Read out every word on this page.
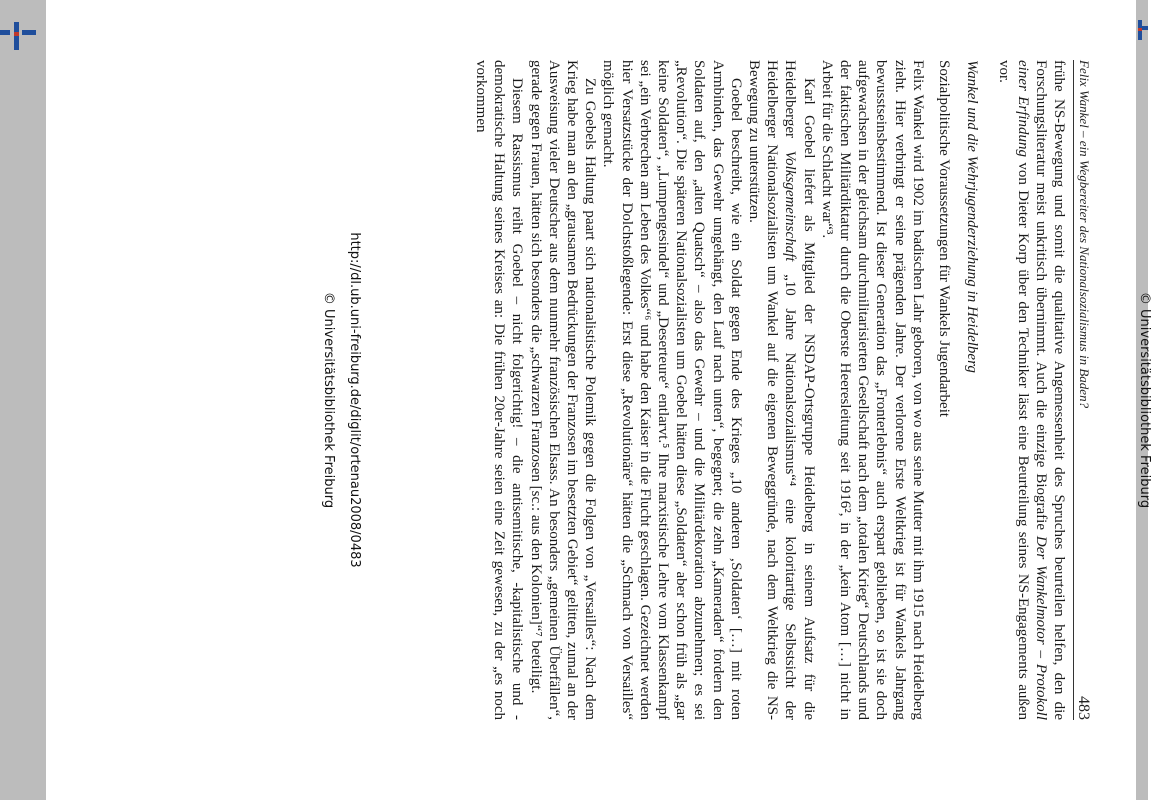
© Universitätsbibliothek Freiburg
Felix Wankel – ein Wegbereiter des Nationalsozialismus in Baden?
483

frühe NS-Bewegung und somit die qualitative Angemessenheit des Spruches beurteilen helfen, den die Forschungsliteratur meist unkritisch übernimmt. Auch die einzige Biografie Der Wankelmotor – Protokoll einer Erfindung von Dieter Korp über den Techniker lässt eine Beurteilung seines NS-Engagements außen vor.

Wankel und die Wehrjugenderziehung in Heidelberg
Sozialpolitische Voraussetzungen für Wankels Jugendarbeit

Felix Wankel wird 1902 im badischen Lahr geboren, von wo aus seine Mutter mit ihm 1915 nach Heidelberg zieht. Hier verbringt er seine prägenden Jahre. Der verlorene Erste Weltkrieg ist für Wankels Jahrgang bewusstseinsbestimmend. Ist dieser Generation das „Fronterlebnis“ auch erspart geblieben, so ist sie doch aufgewachsen in der gleichsam durchmilitarisierten Gesellschaft nach dem „totalen Krieg“ Deutschlands und der faktischen Militärdiktatur durch die Oberste Heeresleitung seit 1916², in der „kein Atom […] nicht in Arbeit für die Schlacht war“³.

Karl Goebel liefert als Mitglied der NSDAP-Ortsgruppe Heidelberg in seinem Aufsatz für die Heidelberger Volksgemeinschaft „10 Jahre Nationalsozialismus“⁴ eine koloritartige Selbstsicht der Heidelberger Nationalsozialisten um Wankel auf die eigenen Beweggründe, nach dem Weltkrieg die NS-Bewegung zu unterstützen.

Goebel beschreibt, wie ein Soldat gegen Ende des Krieges „10 anderen ‚Soldaten‘ […] mit roten Armbinden, das Gewehr umgehängt, den Lauf nach unten“, begegnet; die zehn „Kameraden“ fordern den Soldaten auf, den „alten Quatsch“ – also das Gewehr – und die Militärdekoration abzunehmen; es sei „Revolution“. Die späteren Nationalsozialisten um Goebel hätten diese „Soldaten“ aber schon früh als „gar keine Soldaten“, „Lumpengesindel“ und „Deserteure“ entlarvt.⁵ Ihre marxistische Lehre vom Klassenkampf sei „ein Verbrechen am Leben des Volkes“⁶ und habe den Kaiser in die Flucht geschlagen. Gezeichnet werden hier Versatzstücke der Dolchstoßlegende: Erst diese „Revolutionäre“ hätten die „Schmach von Versailles“ möglich gemacht.

Zu Goebels Haltung paart sich nationalistische Polemik gegen die Folgen von „Versailles“: Nach dem Krieg habe man an den „grausamen Bedrückungen der Franzosen im besetzten Gebiet“ gelitten, zumal an der Ausweisung vieler Deutscher aus dem nunmehr französischen Elsass. An besonders „gemeinen Überfällen“, gerade gegen Frauen, hätten sich besonders die „schwarzen Franzosen [sc.: aus den Kolonien]“⁷ beteiligt.

Diesem Rassismus reiht Goebel – nicht folgerichtig! – die antisemitische, -kapitalistische und -demokratische Haltung seines Kreises an: Die frühen 20er-Jahre seien eine Zeit gewesen, zu der „es noch vorkommen

http://dl.ub.uni-freiburg.de/diglit/ortenau2008/0483
© Universitätsbibliothek Freiburg
